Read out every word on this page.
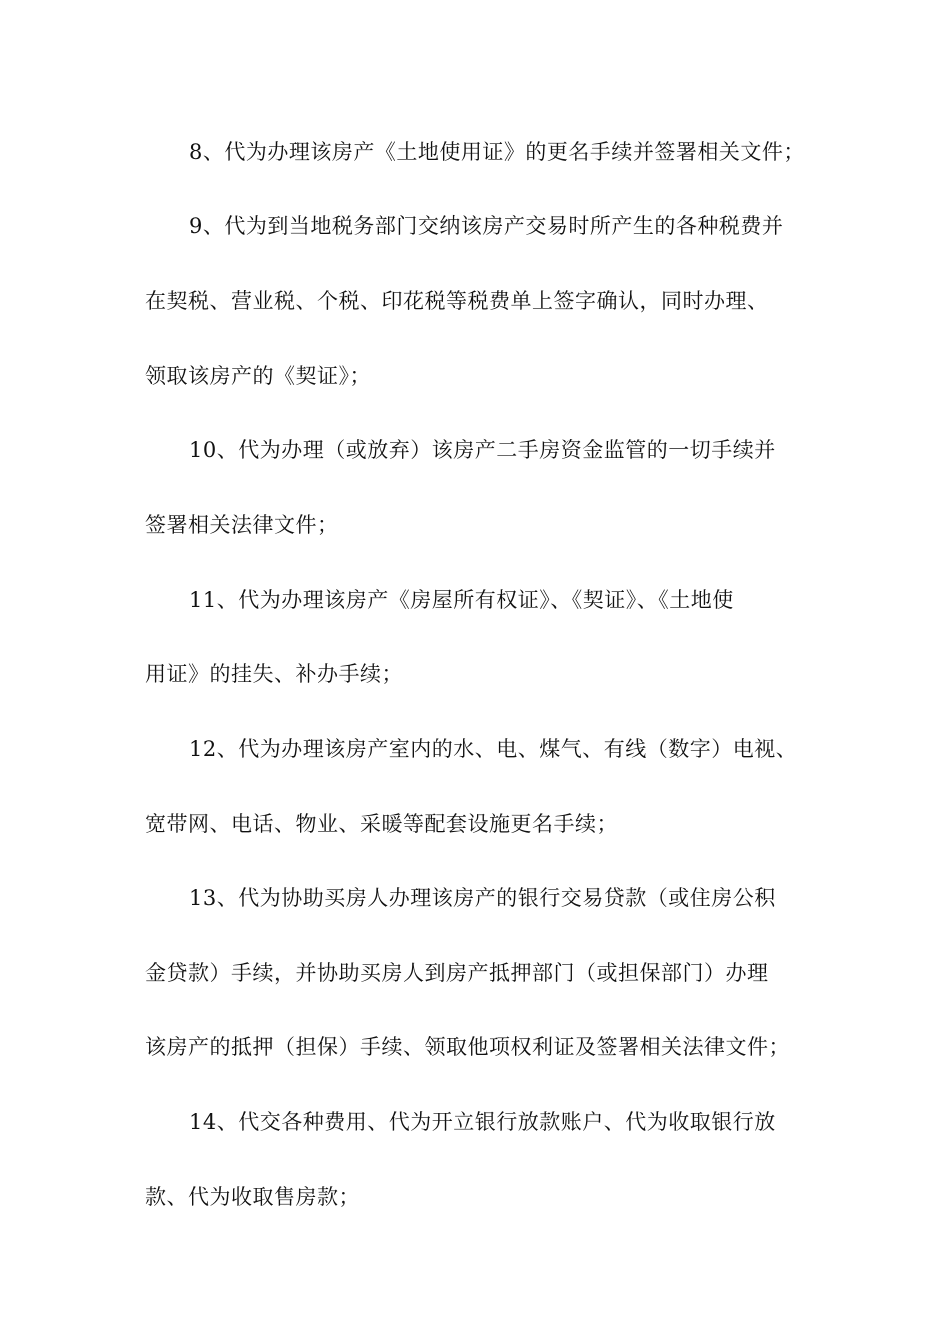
8、代为办理该房产《土地使用证》的更名手续并签署相关文件；
9、代为到当地税务部门交纳该房产交易时所产生的各种税费并
在契税、营业税、个税、印花税等税费单上签字确认，同时办理、
领取该房产的《契证》；
10、代为办理（或放弃）该房产二手房资金监管的一切手续并
签署相关法律文件；
11、代为办理该房产《房屋所有权证》、《契证》、《土地使
用证》的挂失、补办手续；
12、代为办理该房产室内的水、电、煤气、有线（数字）电视、
宽带网、电话、物业、采暖等配套设施更名手续；
13、代为协助买房人办理该房产的银行交易贷款（或住房公积
金贷款）手续，并协助买房人到房产抵押部门（或担保部门）办理
该房产的抵押（担保）手续、领取他项权利证及签署相关法律文件；
14、代交各种费用、代为开立银行放款账户、代为收取银行放
款、代为收取售房款；
